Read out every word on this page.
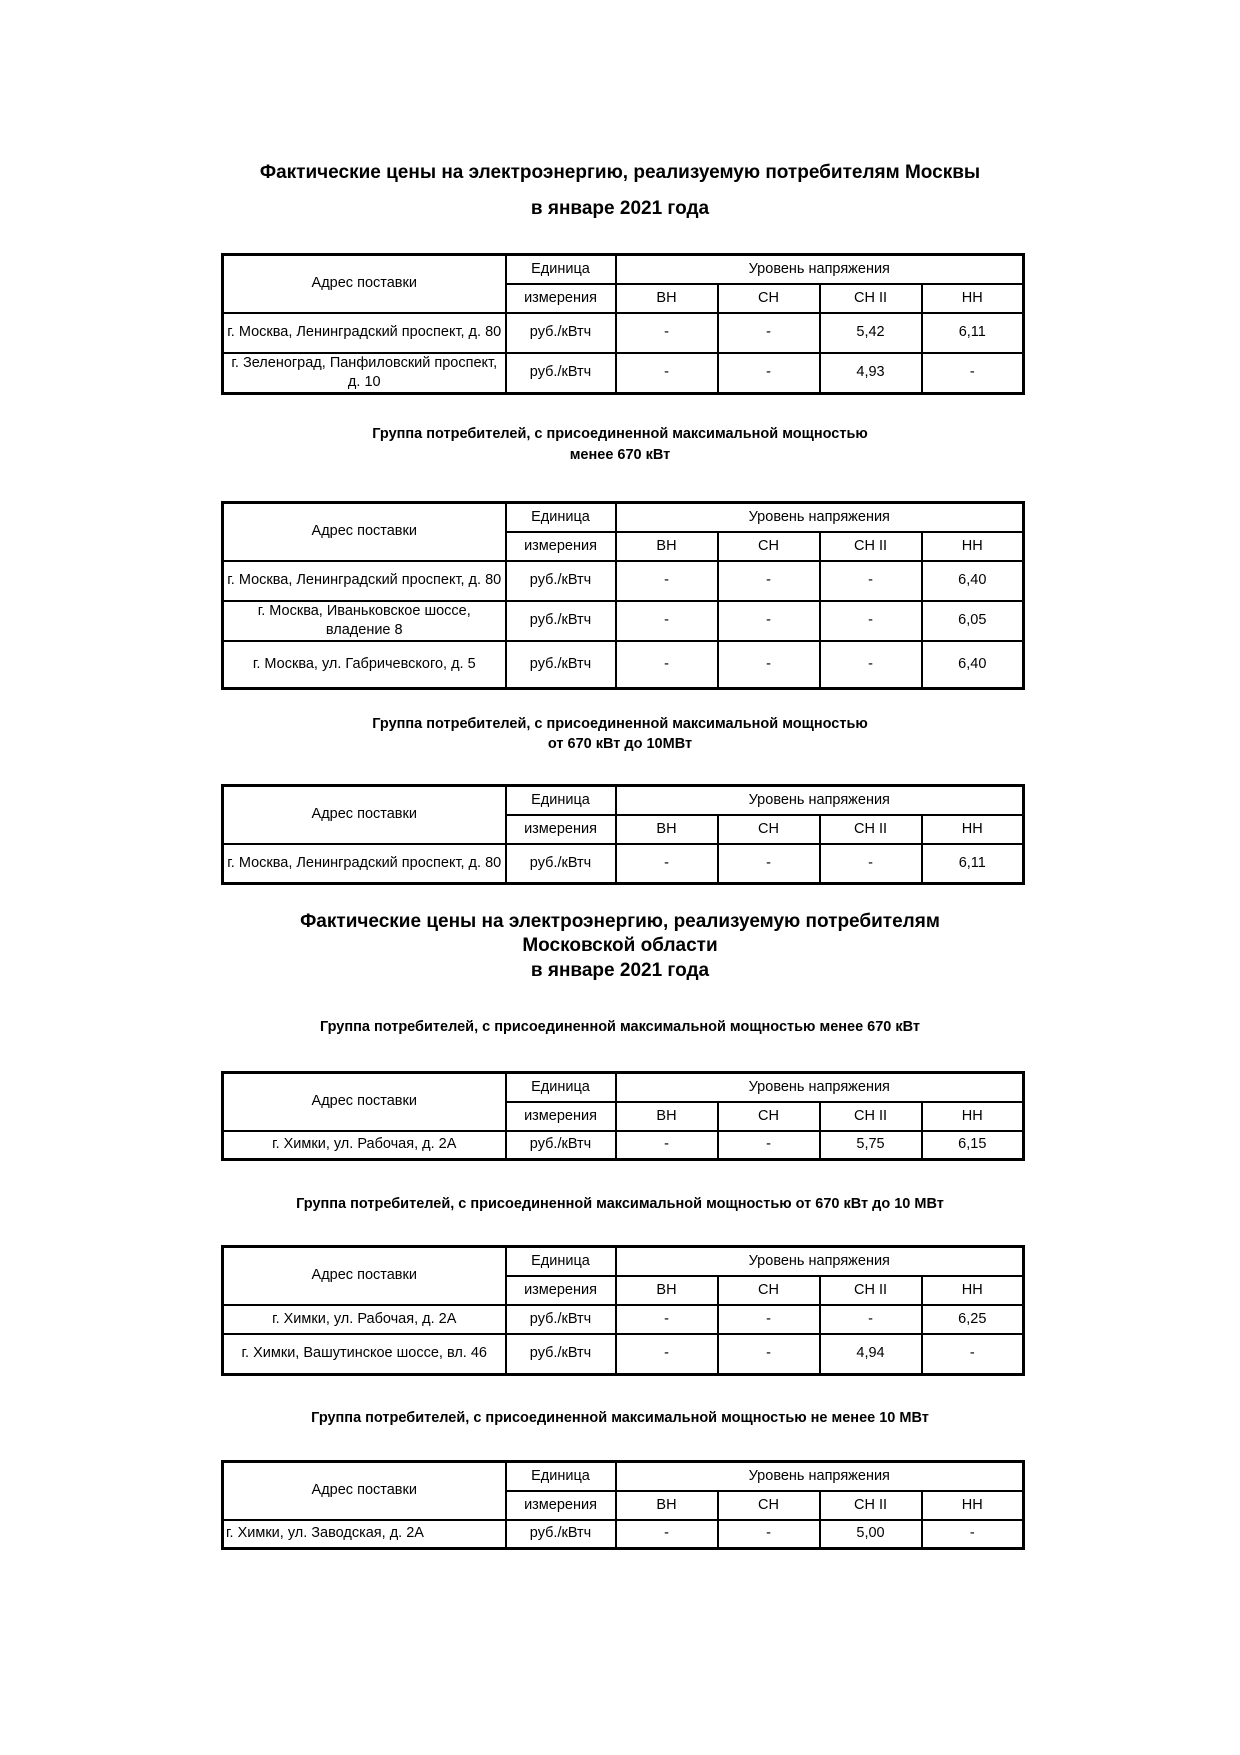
Фактические цены на электроэнергию, реализуемую потребителям Москвы
в январе 2021 года
Адрес поставки	Единица	Уровень напряжения			
	измерения	ВН	СН	СН II	НН
г. Москва, Ленинградский проспект, д. 80	руб./кВтч	-	-	5,42	6,11
г. Зеленоград, Панфиловский проспект, д. 10	руб./кВтч	-	-	4,93	-
Группа потребителей, с присоединенной максимальной мощностью
менее 670 кВт
Адрес поставки	Единица	Уровень напряжения			
	измерения	ВН	СН	СН II	НН
г. Москва, Ленинградский проспект, д. 80	руб./кВтч	-	-	-	6,40
г. Москва, Иваньковское шоссе, владение 8	руб./кВтч	-	-	-	6,05
г. Москва, ул. Габричевского, д. 5	руб./кВтч	-	-	-	6,40
Группа потребителей, с присоединенной максимальной мощностью
от 670 кВт до 10МВт
Адрес поставки	Единица	Уровень напряжения			
	измерения	ВН	СН	СН II	НН
г. Москва, Ленинградский проспект, д. 80	руб./кВтч	-	-	-	6,11
Фактические цены на электроэнергию, реализуемую потребителям
Московской области
в январе 2021 года
Группа потребителей, с присоединенной максимальной мощностью менее 670 кВт
Адрес поставки	Единица	Уровень напряжения			
	измерения	ВН	СН	СН II	НН
г. Химки, ул. Рабочая, д. 2А	руб./кВтч	-	-	5,75	6,15
Группа потребителей, с присоединенной максимальной мощностью от 670 кВт до 10 МВт
Адрес поставки	Единица	Уровень напряжения			
	измерения	ВН	СН	СН II	НН
г. Химки, ул. Рабочая, д. 2А	руб./кВтч	-	-	-	6,25
г. Химки, Вашутинское шоссе, вл. 46	руб./кВтч	-	-	4,94	-
Группа потребителей, с присоединенной максимальной мощностью не менее 10 МВт
Адрес поставки	Единица	Уровень напряжения			
	измерения	ВН	СН	СН II	НН
г. Химки, ул. Заводская, д. 2А	руб./кВтч	-	-	5,00	-
